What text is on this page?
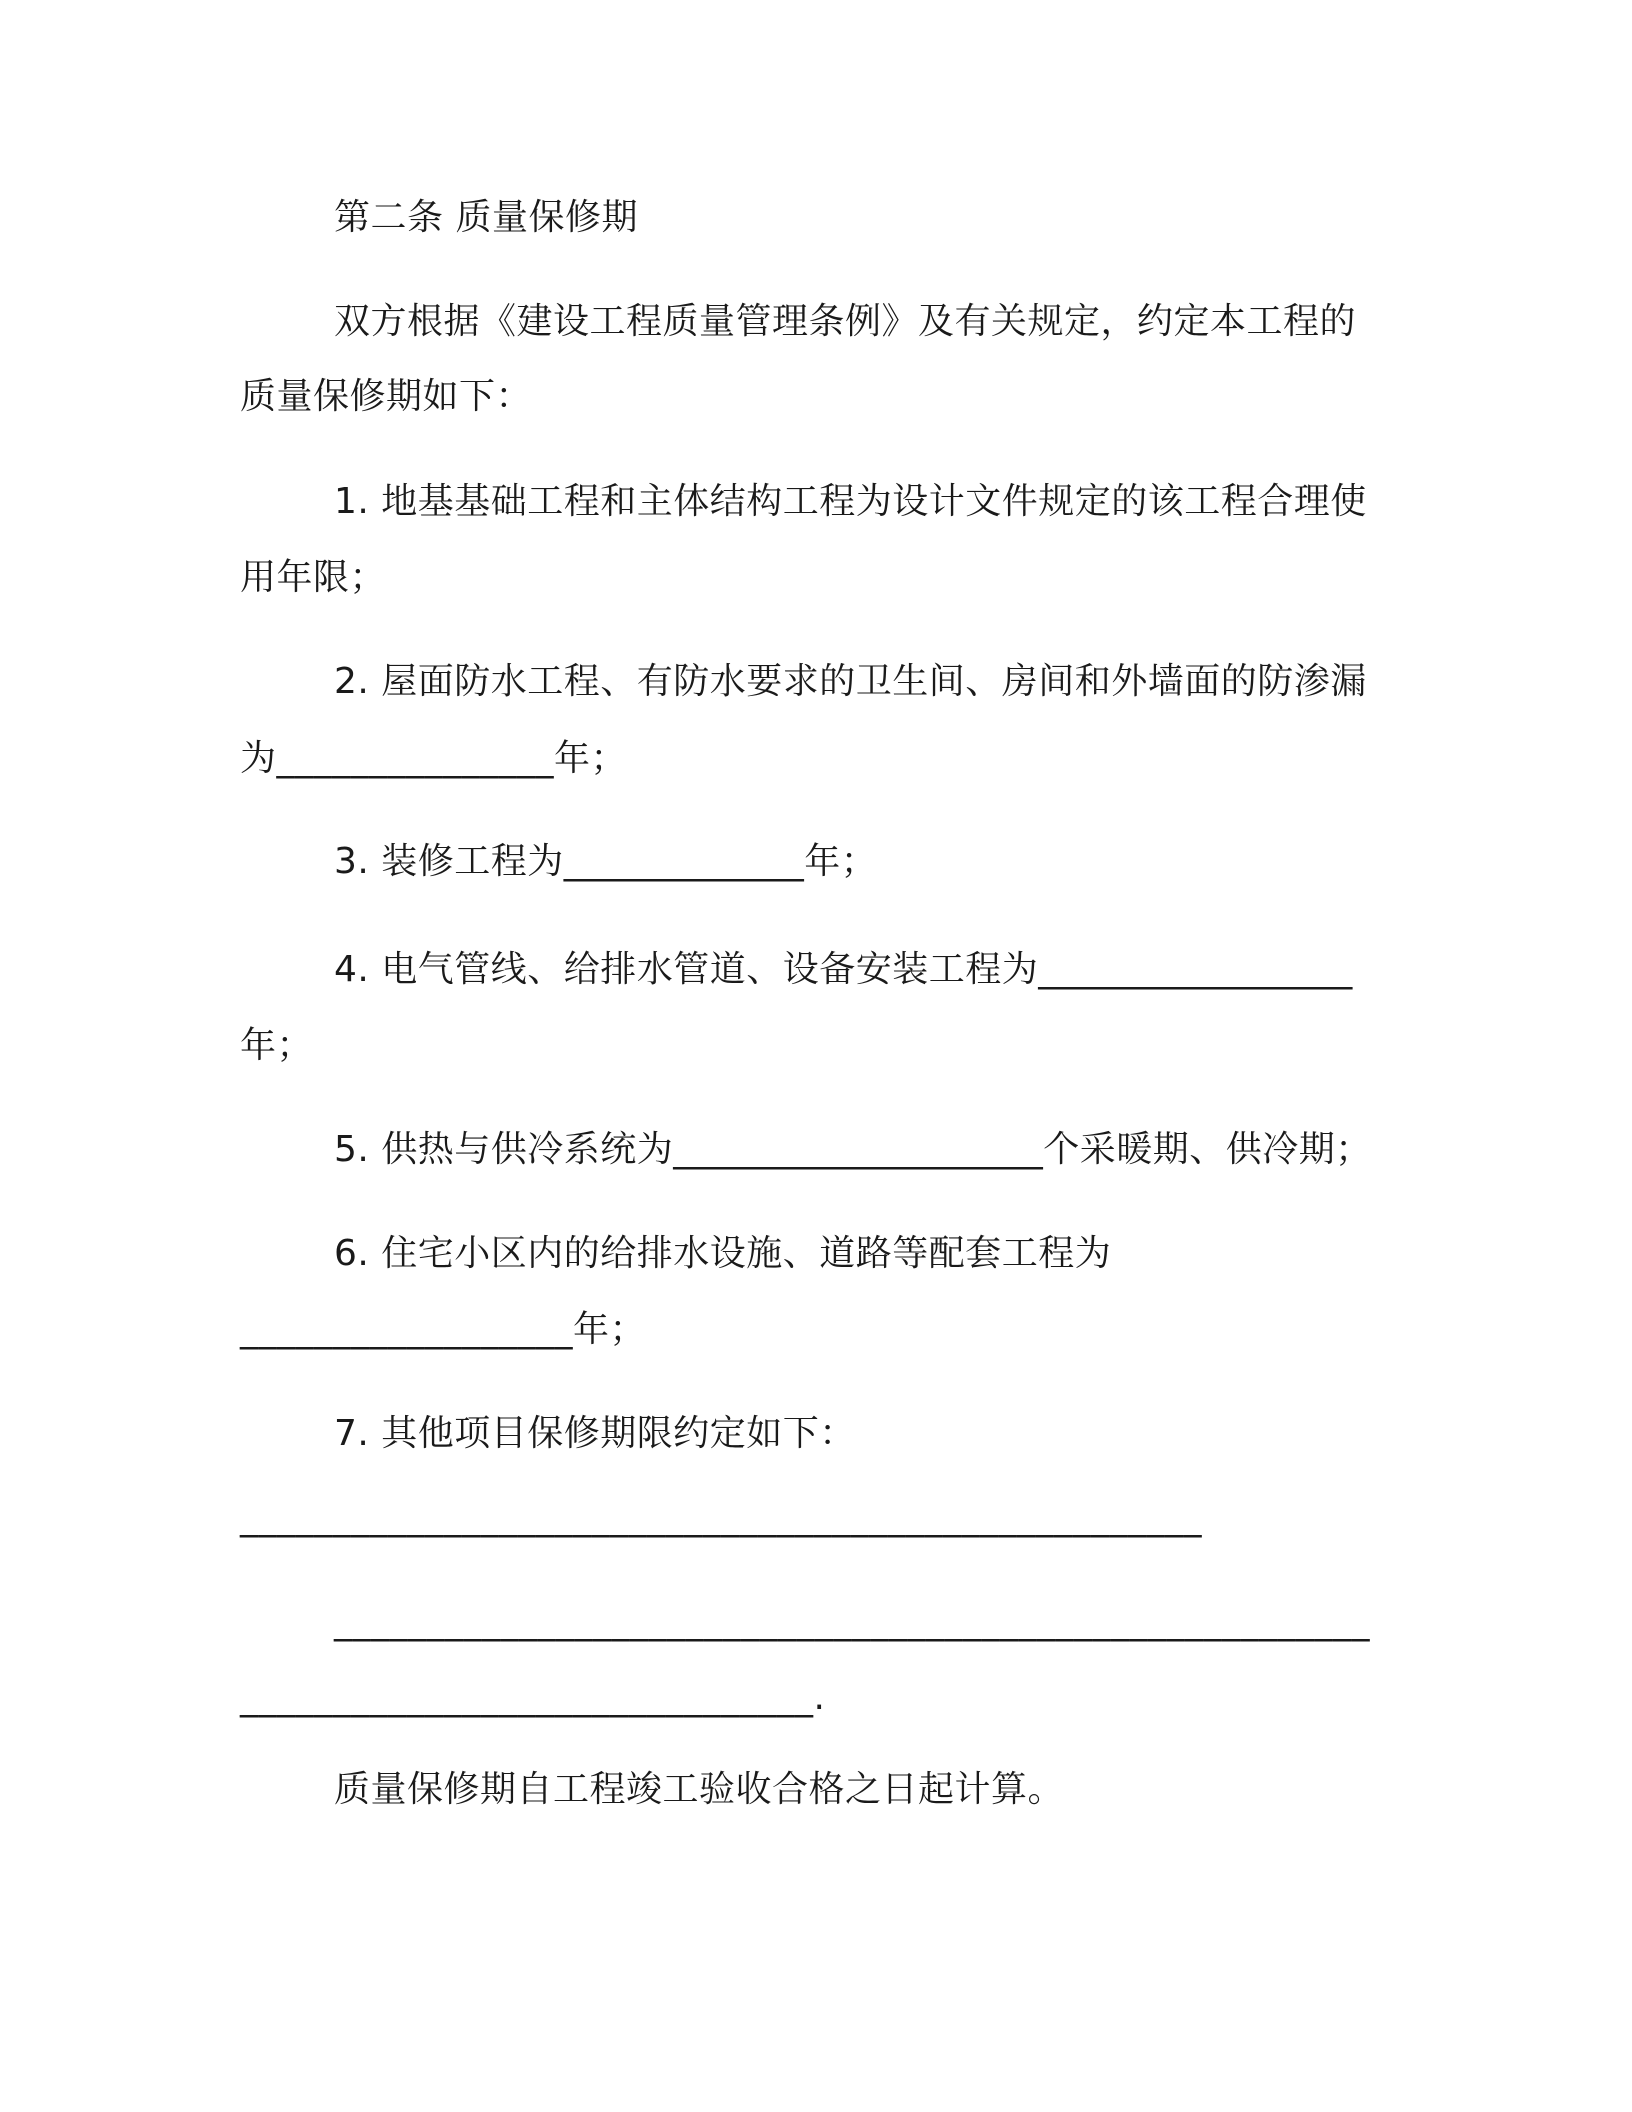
第二条 质量保修期
双方根据《建设工程质量管理条例》及有关规定，约定本工程的
质量保修期如下：
1. 地基基础工程和主体结构工程为设计文件规定的该工程合理使
用年限；
2. 屋面防水工程、有防水要求的卫生间、房间和外墙面的防渗漏
为_______________年；
3. 装修工程为_____________年；
4. 电气管线、给排水管道、设备安装工程为_________________
年；
5. 供热与供冷系统为____________________个采暖期、供冷期；
6. 住宅小区内的给排水设施、道路等配套工程为
__________________年；
7. 其他项目保修期限约定如下：
____________________________________________________
________________________________________________________
_______________________________.
质量保修期自工程竣工验收合格之日起计算。
